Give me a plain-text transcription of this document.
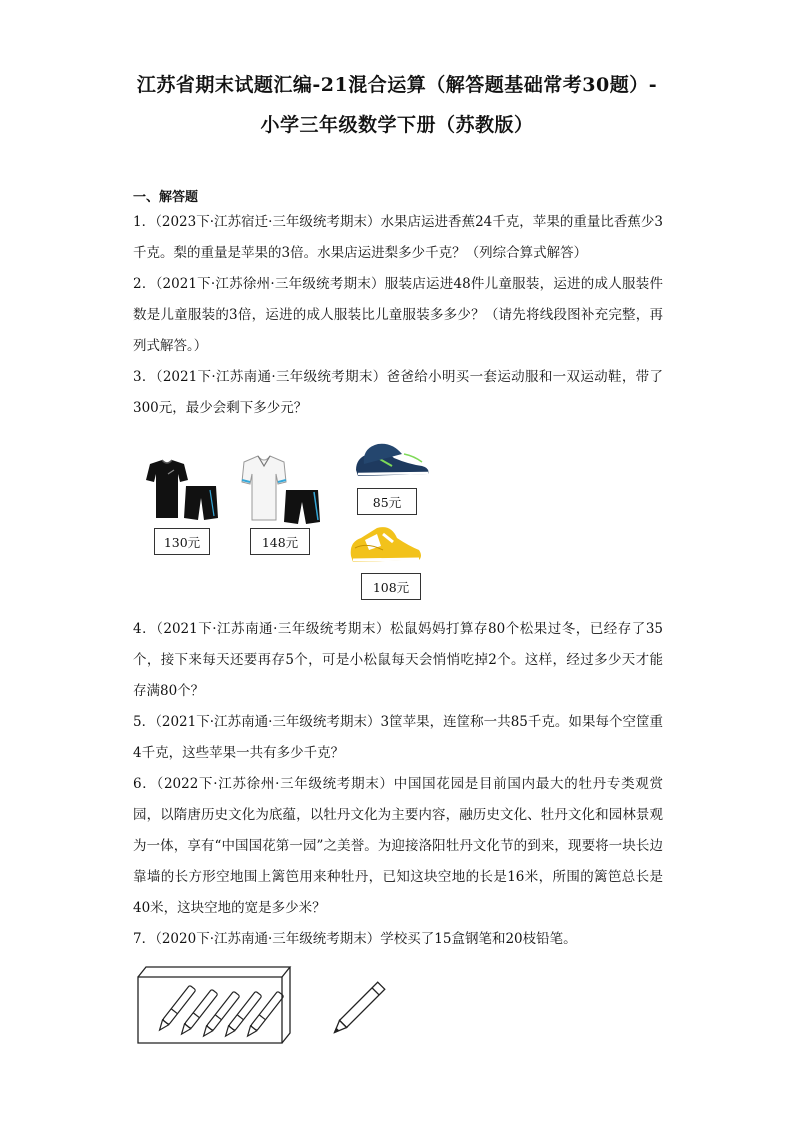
江苏省期末试题汇编-21混合运算（解答题基础常考30题）-
小学三年级数学下册（苏教版）
一、解答题

1．（2023下·江苏宿迁·三年级统考期末）水果店运进香蕉24千克，苹果的重量比香蕉少3千克。梨的重量是苹果的3倍。水果店运进梨多少千克？（列综合算式解答）

2．（2021下·江苏徐州·三年级统考期末）服装店运进48件儿童服装，运进的成人服装件数是儿童服装的3倍，运进的成人服装比儿童服装多多少？（请先将线段图补充完整，再列式解答。）

3．（2021下·江苏南通·三年级统考期末）爸爸给小明买一套运动服和一双运动鞋，带了300元，最少会剩下多少元？

130元	148元
85元
108元

4．（2021下·江苏南通·三年级统考期末）松鼠妈妈打算存80个松果过冬，已经存了35个，接下来每天还要再存5个，可是小松鼠每天会悄悄吃掉2个。这样，经过多少天才能存满80个？

5．（2021下·江苏南通·三年级统考期末）3筐苹果，连筐称一共85千克。如果每个空筐重4千克，这些苹果一共有多少千克？

6．（2022下·江苏徐州·三年级统考期末）中国国花园是目前国内最大的牡丹专类观赏园，以隋唐历史文化为底蕴，以牡丹文化为主要内容，融历史文化、牡丹文化和园林景观为一体，享有“中国国花第一园”之美誉。为迎接洛阳牡丹文化节的到来，现要将一块长边靠墙的长方形空地围上篱笆用来种牡丹，已知这块空地的长是16米，所围的篱笆总长是40米，这块空地的宽是多少米？

7．（2020下·江苏南通·三年级统考期末）学校买了15盒钢笔和20枝铅笔。
